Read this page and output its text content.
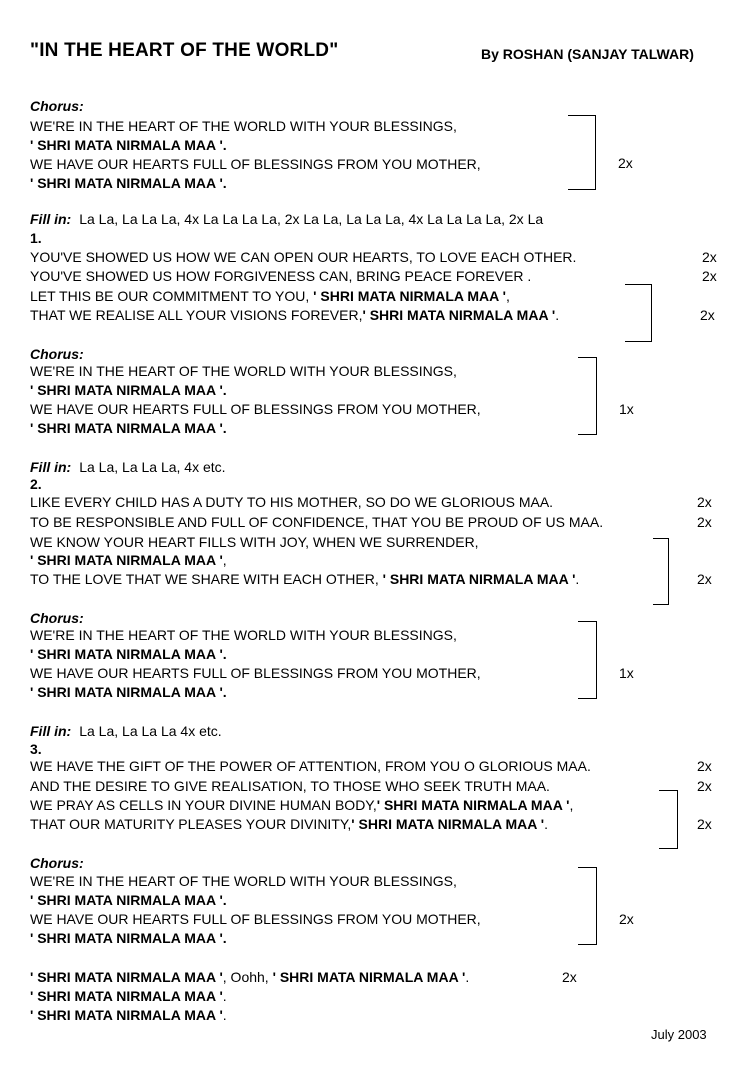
"IN THE HEART OF THE WORLD"	By ROSHAN (SANJAY TALWAR)
Chorus:
WE'RE IN THE HEART OF THE WORLD WITH YOUR BLESSINGS,
' SHRI MATA NIRMALA MAA '.
WE HAVE OUR HEARTS FULL OF BLESSINGS FROM YOU MOTHER,
' SHRI MATA NIRMALA MAA '.
2x
Fill in: La La, La La La, 4x La La La La, 2x La La, La La La, 4x La La La La, 2x La
1.
YOU'VE SHOWED US HOW WE CAN OPEN OUR HEARTS, TO LOVE EACH OTHER.	2x
YOU'VE SHOWED US HOW FORGIVENESS CAN, BRING PEACE FOREVER .	2x
LET THIS BE OUR COMMITMENT TO YOU, ' SHRI MATA NIRMALA MAA ',
THAT WE REALISE ALL YOUR VISIONS FOREVER,' SHRI MATA NIRMALA MAA '.	2x
Chorus:
WE'RE IN THE HEART OF THE WORLD WITH YOUR BLESSINGS,
' SHRI MATA NIRMALA MAA '.
WE HAVE OUR HEARTS FULL OF BLESSINGS FROM YOU MOTHER,
' SHRI MATA NIRMALA MAA '.
1x
Fill in: La La, La La La, 4x etc.
2.
LIKE EVERY CHILD HAS A DUTY TO HIS MOTHER, SO DO WE GLORIOUS MAA.	2x
TO BE RESPONSIBLE AND FULL OF CONFIDENCE, THAT YOU BE PROUD OF US MAA.	2x
WE KNOW YOUR HEART FILLS WITH JOY, WHEN WE SURRENDER,
' SHRI MATA NIRMALA MAA ',
TO THE LOVE THAT WE SHARE WITH EACH OTHER, ' SHRI MATA NIRMALA MAA '.	2x
Chorus:
WE'RE IN THE HEART OF THE WORLD WITH YOUR BLESSINGS,
' SHRI MATA NIRMALA MAA '.
WE HAVE OUR HEARTS FULL OF BLESSINGS FROM YOU MOTHER,
' SHRI MATA NIRMALA MAA '.
1x
Fill in: La La, La La La 4x etc.
3.
WE HAVE THE GIFT OF THE POWER OF ATTENTION, FROM YOU O GLORIOUS MAA.	2x
AND THE DESIRE TO GIVE REALISATION, TO THOSE WHO SEEK TRUTH MAA.	2x
WE PRAY AS CELLS IN YOUR DIVINE HUMAN BODY,' SHRI MATA NIRMALA MAA ',
THAT OUR MATURITY PLEASES YOUR DIVINITY,' SHRI MATA NIRMALA MAA '.	2x
Chorus:
WE'RE IN THE HEART OF THE WORLD WITH YOUR BLESSINGS,
' SHRI MATA NIRMALA MAA '.
WE HAVE OUR HEARTS FULL OF BLESSINGS FROM YOU MOTHER,
' SHRI MATA NIRMALA MAA '.
2x
' SHRI MATA NIRMALA MAA ', Oohh, ' SHRI MATA NIRMALA MAA '.	2x
' SHRI MATA NIRMALA MAA '.
' SHRI MATA NIRMALA MAA '.
July 2003
